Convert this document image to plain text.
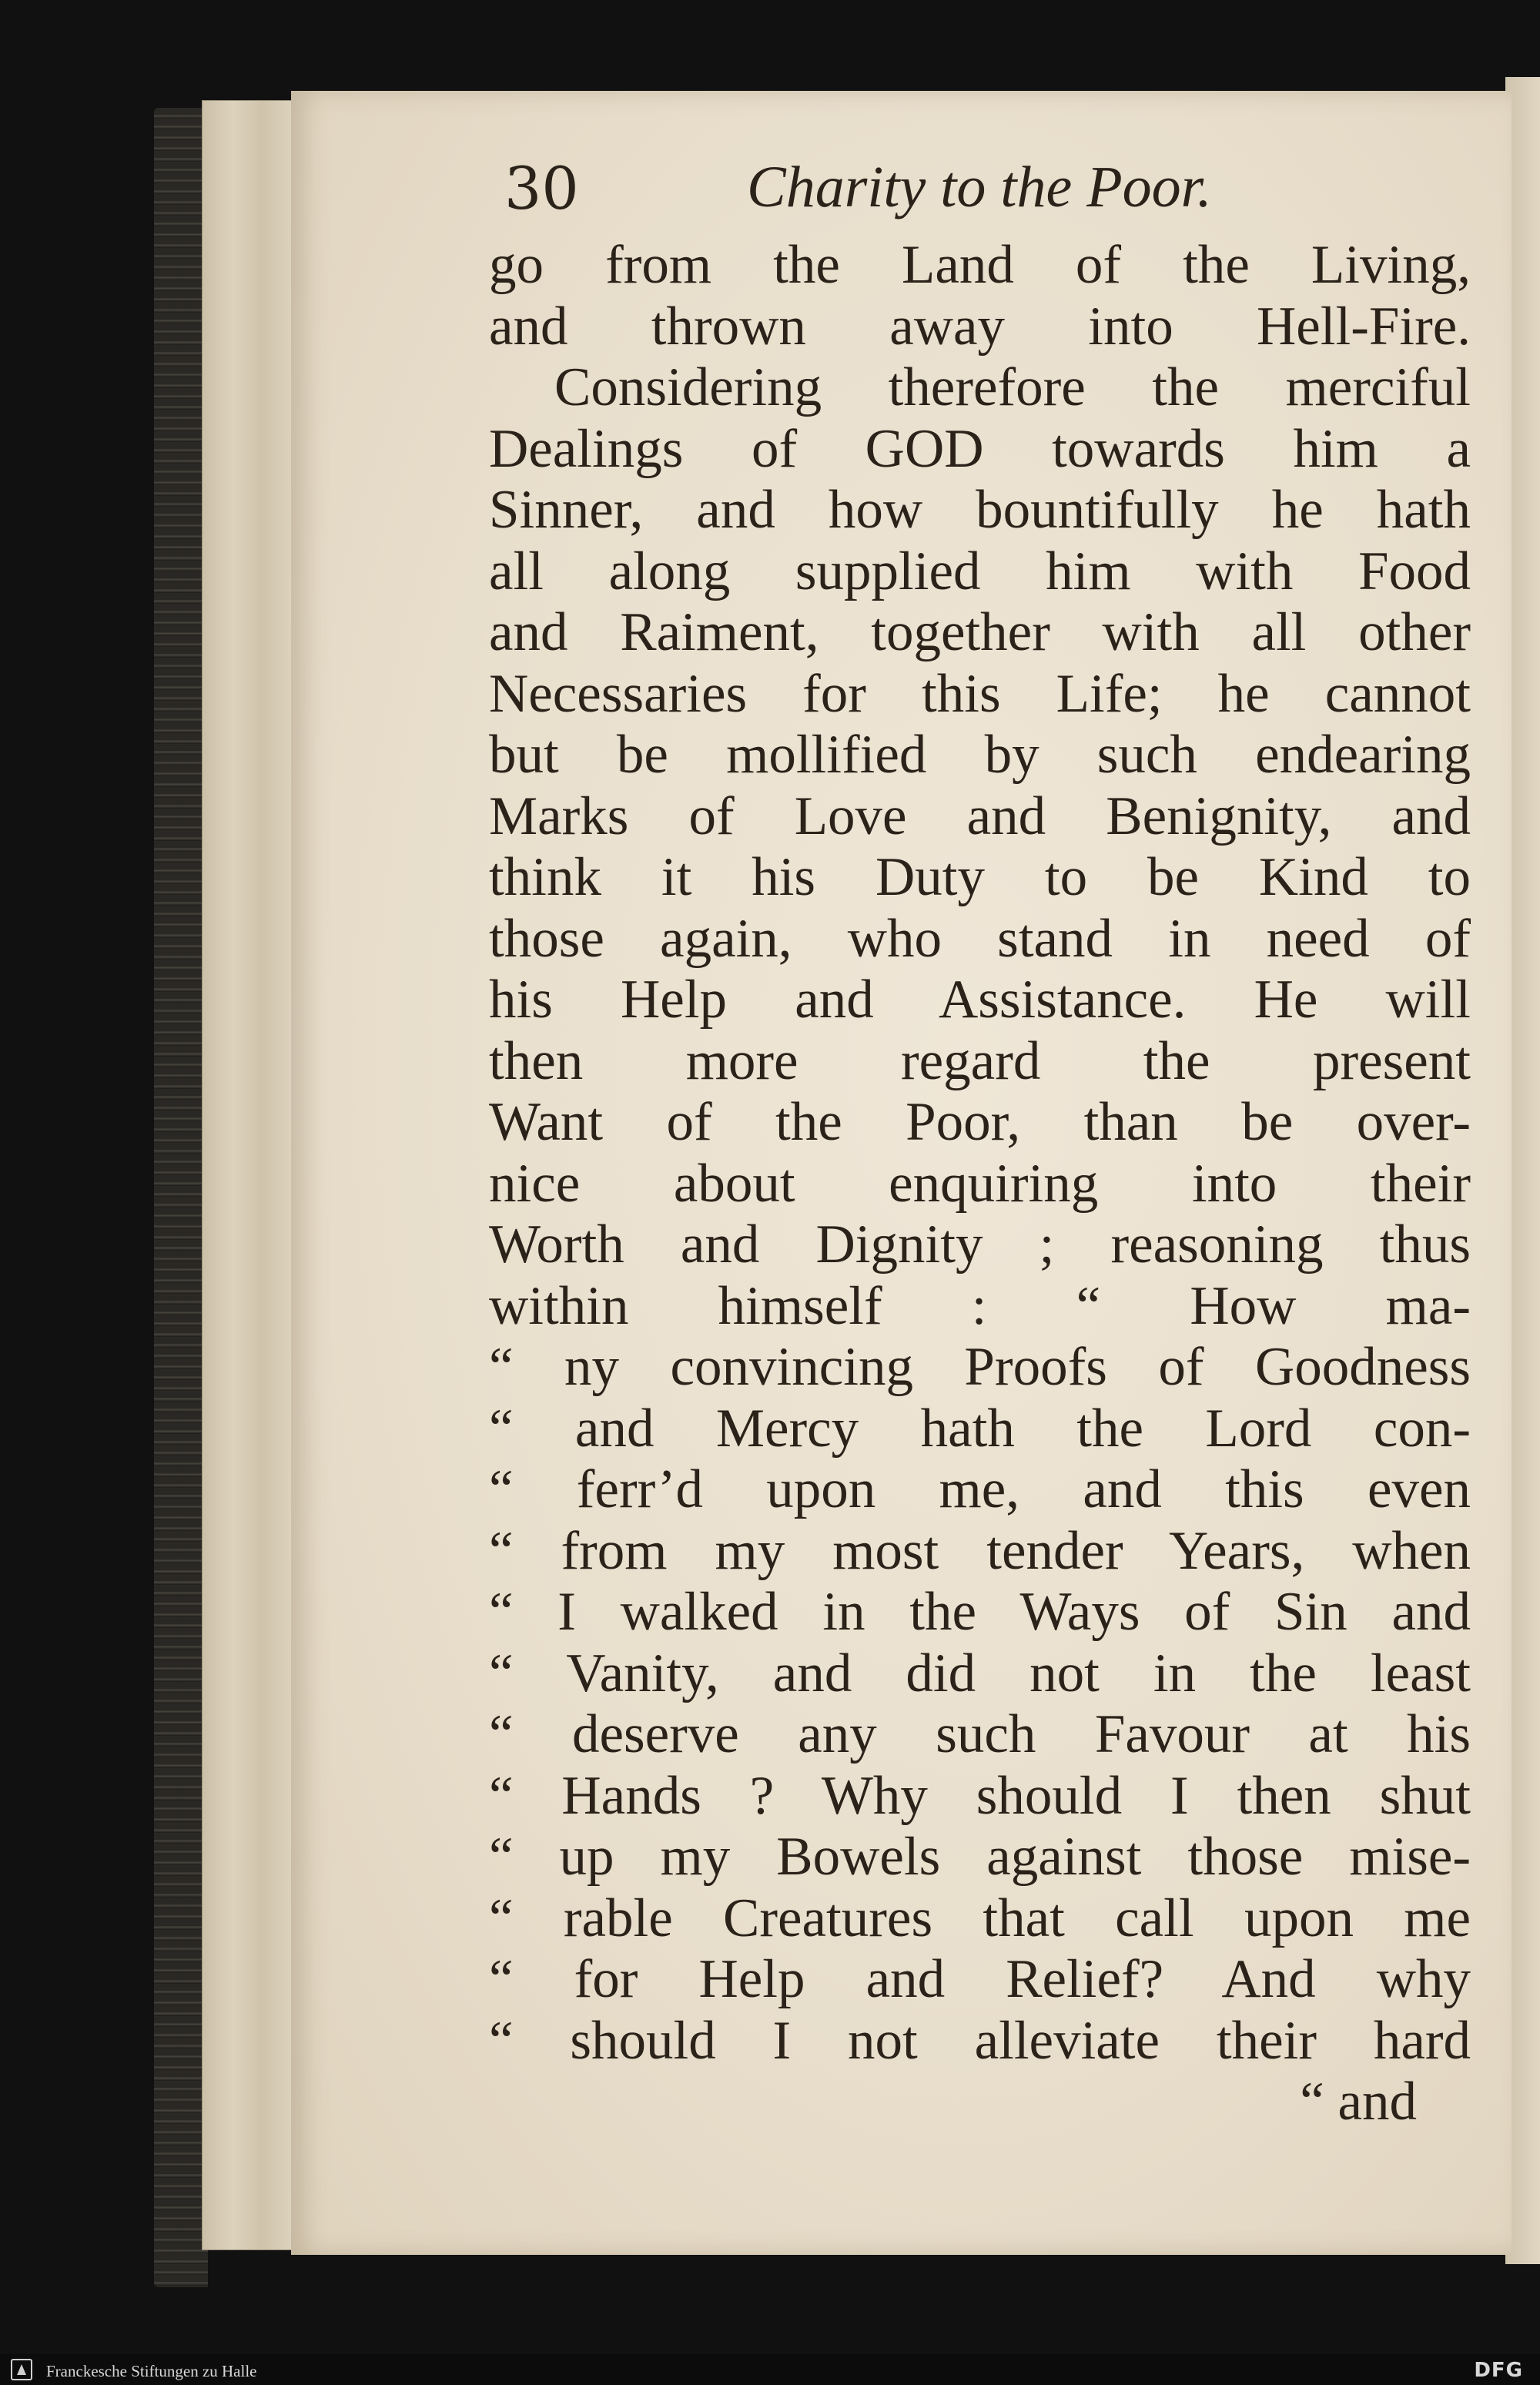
30	Charity to the Poor.
go from the Land of the Living,
and thrown away into Hell-Fire.
Considering therefore the merciful
Dealings of GOD towards him a
Sinner, and how bountifully he hath
all along supplied him with Food
and Raiment, together with all other
Necessaries for this Life; he cannot
but be mollified by such endearing
Marks of Love and Benignity, and
think it his Duty to be Kind to
those again, who stand in need of
his Help and Assistance. He will
then more regard the present
Want of the Poor, than be over-
nice about enquiring into their
Worth and Dignity ; reasoning thus
within himself : “ How ma-
“ ny convincing Proofs of Goodness
“ and Mercy hath the Lord con-
“ ferr’d upon me, and this even
“ from my most tender Years, when
“ I walked in the Ways of Sin and
“ Vanity, and did not in the least
“ deserve any such Favour at his
“ Hands ? Why should I then shut
“ up my Bowels against those mise-
“ rable Creatures that call upon me
“ for Help and Relief? And why
“ should I not alleviate their hard
“ and
Franckesche Stiftungen zu Halle	DFG
